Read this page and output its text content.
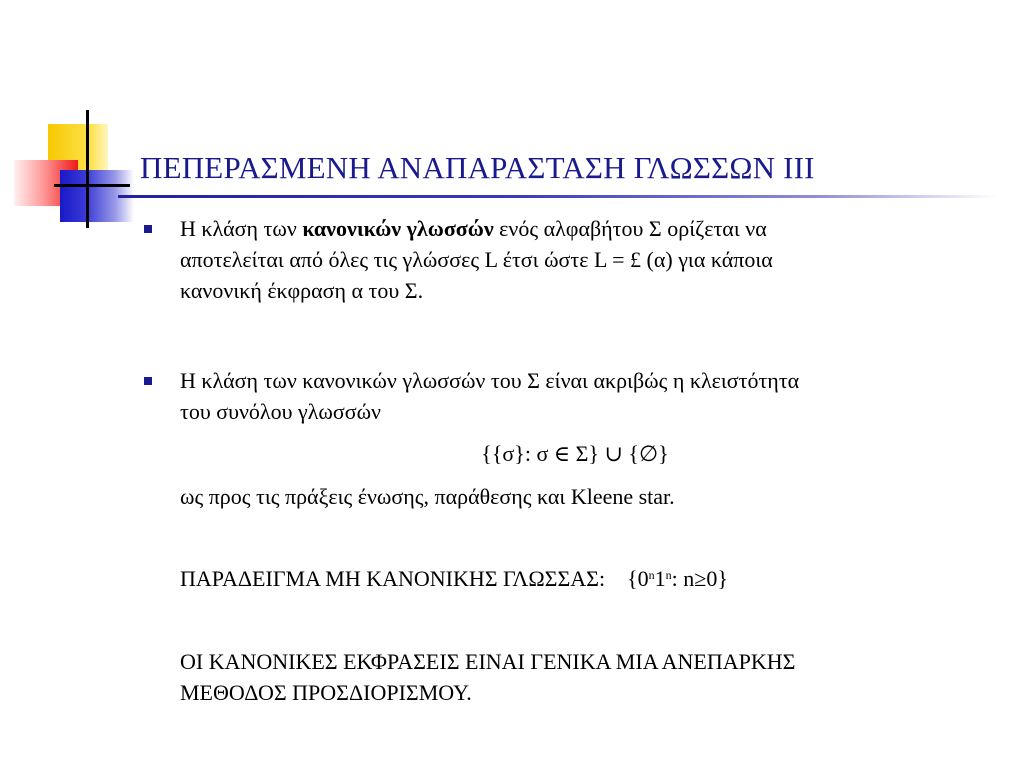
ΠΕΠΕΡΑΣΜΕΝΗ ΑΝΑΠΑΡΑΣΤΑΣΗ ΓΛΩΣΣΩΝ ΙΙΙ
Η κλάση των κανονικών γλωσσών ενός αλφαβήτου Σ ορίζεται να
αποτελείται από όλες τις γλώσσες L έτσι ώστε L = £ (α) για κάποια
κανονική έκφραση α του Σ.
Η κλάση των κανονικών γλωσσών του Σ είναι ακριβώς η κλειστότητα
του συνόλου γλωσσών
{{σ}: σ ∈ Σ} ∪ {∅}
ως προς τις πράξεις ένωσης, παράθεσης και Kleene star.
ΠΑΡΑΔΕΙΓΜΑ ΜΗ ΚΑΝΟΝΙΚΗΣ ΓΛΩΣΣΑΣ: {0$^n$1$^n$: n≥0}
ΟΙ ΚΑΝΟΝΙΚΕΣ ΕΚΦΡΑΣΕΙΣ ΕΙΝΑΙ ΓΕΝΙΚΑ ΜΙΑ ΑΝΕΠΑΡΚΗΣ
ΜΕΘΟΔΟΣ ΠΡΟΣΔΙΟΡΙΣΜΟΥ.
